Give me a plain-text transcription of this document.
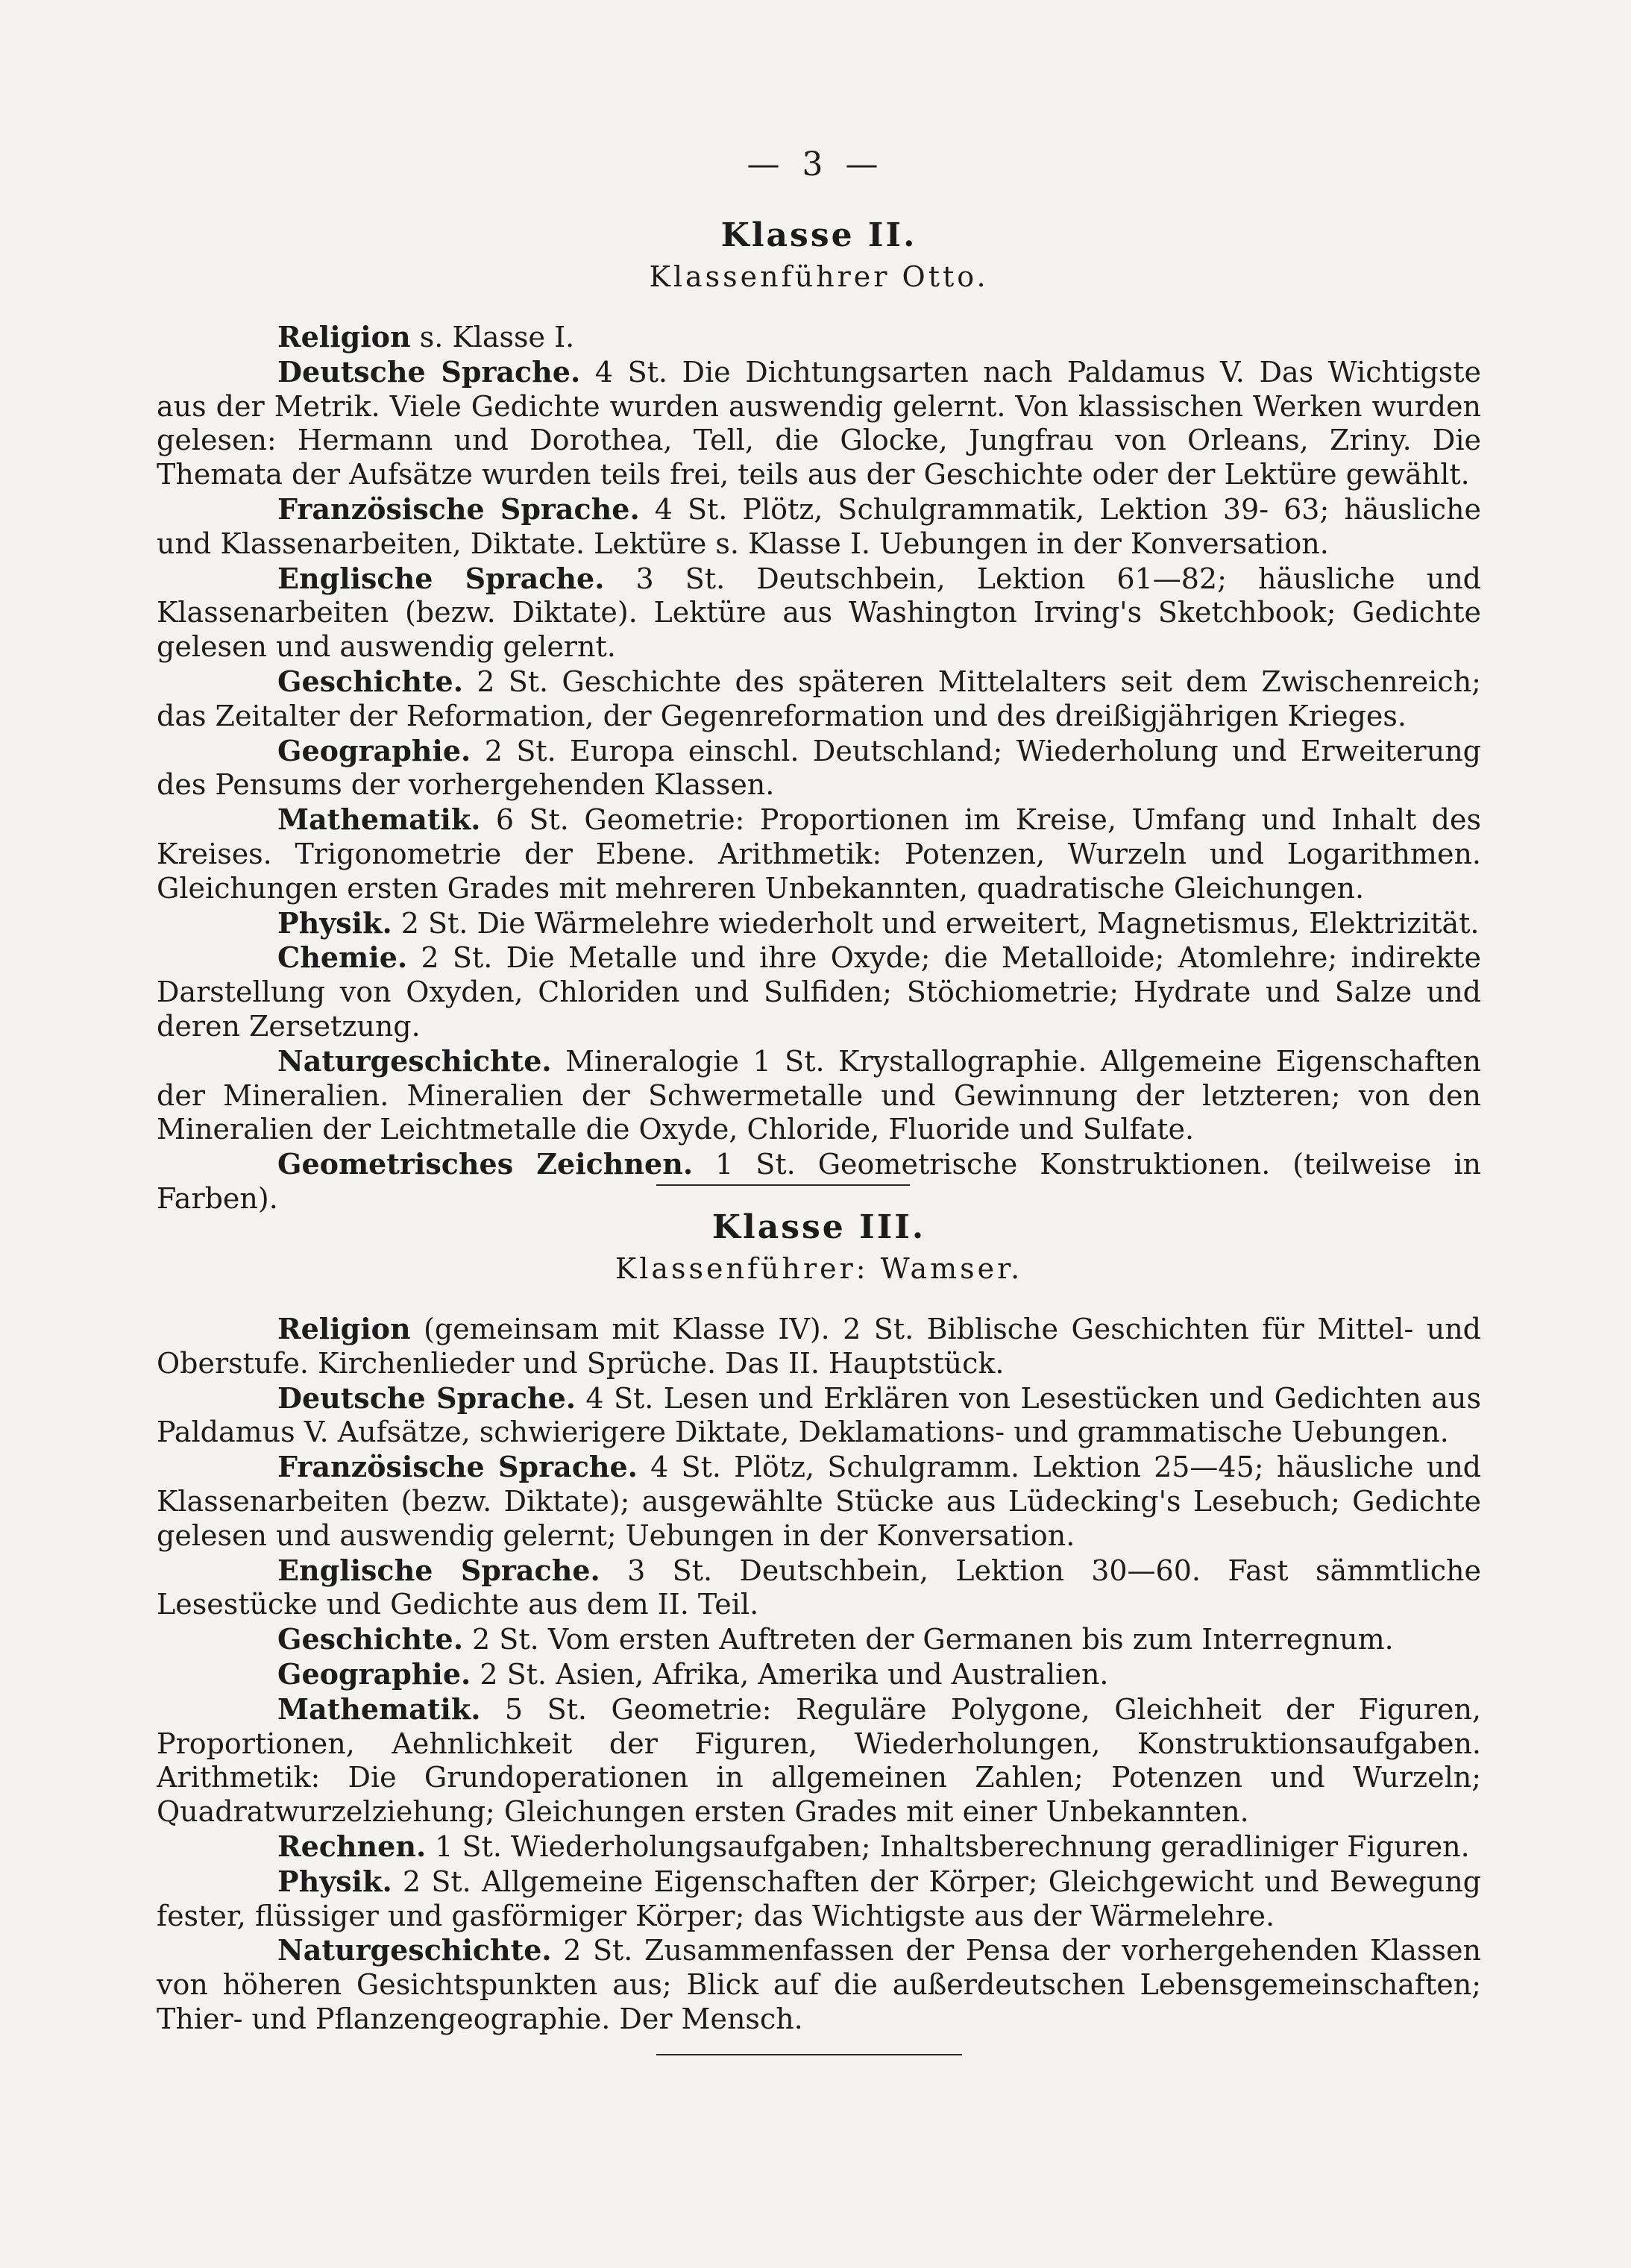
— 3 —
Klasse II.
Klassenführer Otto.

Religion s. Klasse I.

Deutsche Sprache. 4 St. Die Dichtungsarten nach Paldamus V. Das Wichtigste aus der Metrik. Viele Gedichte wurden auswendig gelernt. Von klassischen Werken wurden gelesen: Hermann und Dorothea, Tell, die Glocke, Jungfrau von Orleans, Zriny. Die Themata der Aufsätze wurden teils frei, teils aus der Geschichte oder der Lektüre gewählt.

Französische Sprache. 4 St. Plötz, Schulgrammatik, Lektion 39- 63; häusliche und Klassenarbeiten, Diktate. Lektüre s. Klasse I. Uebungen in der Konversation.

Englische Sprache. 3 St. Deutschbein, Lektion 61—82; häusliche und Klassenarbeiten (bezw. Diktate). Lektüre aus Washington Irving's Sketchbook; Gedichte gelesen und auswendig gelernt.

Geschichte. 2 St. Geschichte des späteren Mittelalters seit dem Zwischenreich; das Zeitalter der Reformation, der Gegenreformation und des dreißigjährigen Krieges.

Geographie. 2 St. Europa einschl. Deutschland; Wiederholung und Erweiterung des Pensums der vorhergehenden Klassen.

Mathematik. 6 St. Geometrie: Proportionen im Kreise, Umfang und Inhalt des Kreises. Trigonometrie der Ebene. Arithmetik: Potenzen, Wurzeln und Logarithmen. Gleichungen ersten Grades mit mehreren Unbekannten, quadratische Gleichungen.

Physik. 2 St. Die Wärmelehre wiederholt und erweitert, Magnetismus, Elektrizität.

Chemie. 2 St. Die Metalle und ihre Oxyde; die Metalloide; Atomlehre; indirekte Darstellung von Oxyden, Chloriden und Sulfiden; Stöchiometrie; Hydrate und Salze und deren Zersetzung.

Naturgeschichte. Mineralogie 1 St. Krystallographie. Allgemeine Eigenschaften der Mineralien. Mineralien der Schwermetalle und Gewinnung der letzteren; von den Mineralien der Leichtmetalle die Oxyde, Chloride, Fluoride und Sulfate.

Geometrisches Zeichnen. 1 St. Geometrische Konstruktionen. (teilweise in Farben).

Klasse III.
Klassenführer: Wamser.

Religion (gemeinsam mit Klasse IV). 2 St. Biblische Geschichten für Mittel- und Oberstufe. Kirchenlieder und Sprüche. Das II. Hauptstück.

Deutsche Sprache. 4 St. Lesen und Erklären von Lesestücken und Gedichten aus Paldamus V. Aufsätze, schwierigere Diktate, Deklamations- und grammatische Uebungen.

Französische Sprache. 4 St. Plötz, Schulgramm. Lektion 25—45; häusliche und Klassenarbeiten (bezw. Diktate); ausgewählte Stücke aus Lüdecking's Lesebuch; Gedichte gelesen und auswendig gelernt; Uebungen in der Konversation.

Englische Sprache. 3 St. Deutschbein, Lektion 30—60. Fast sämmtliche Lesestücke und Gedichte aus dem II. Teil.

Geschichte. 2 St. Vom ersten Auftreten der Germanen bis zum Interregnum.

Geographie. 2 St. Asien, Afrika, Amerika und Australien.

Mathematik. 5 St. Geometrie: Reguläre Polygone, Gleichheit der Figuren, Proportionen, Aehnlichkeit der Figuren, Wiederholungen, Konstruktionsaufgaben. Arithmetik: Die Grundoperationen in allgemeinen Zahlen; Potenzen und Wurzeln; Quadratwurzelziehung; Gleichungen ersten Grades mit einer Unbekannten.

Rechnen. 1 St. Wiederholungsaufgaben; Inhaltsberechnung geradliniger Figuren.

Physik. 2 St. Allgemeine Eigenschaften der Körper; Gleichgewicht und Bewegung fester, flüssiger und gasförmiger Körper; das Wichtigste aus der Wärmelehre.

Naturgeschichte. 2 St. Zusammenfassen der Pensa der vorhergehenden Klassen von höheren Gesichtspunkten aus; Blick auf die außerdeutschen Lebensgemeinschaften; Thier- und Pflanzengeographie. Der Mensch.
